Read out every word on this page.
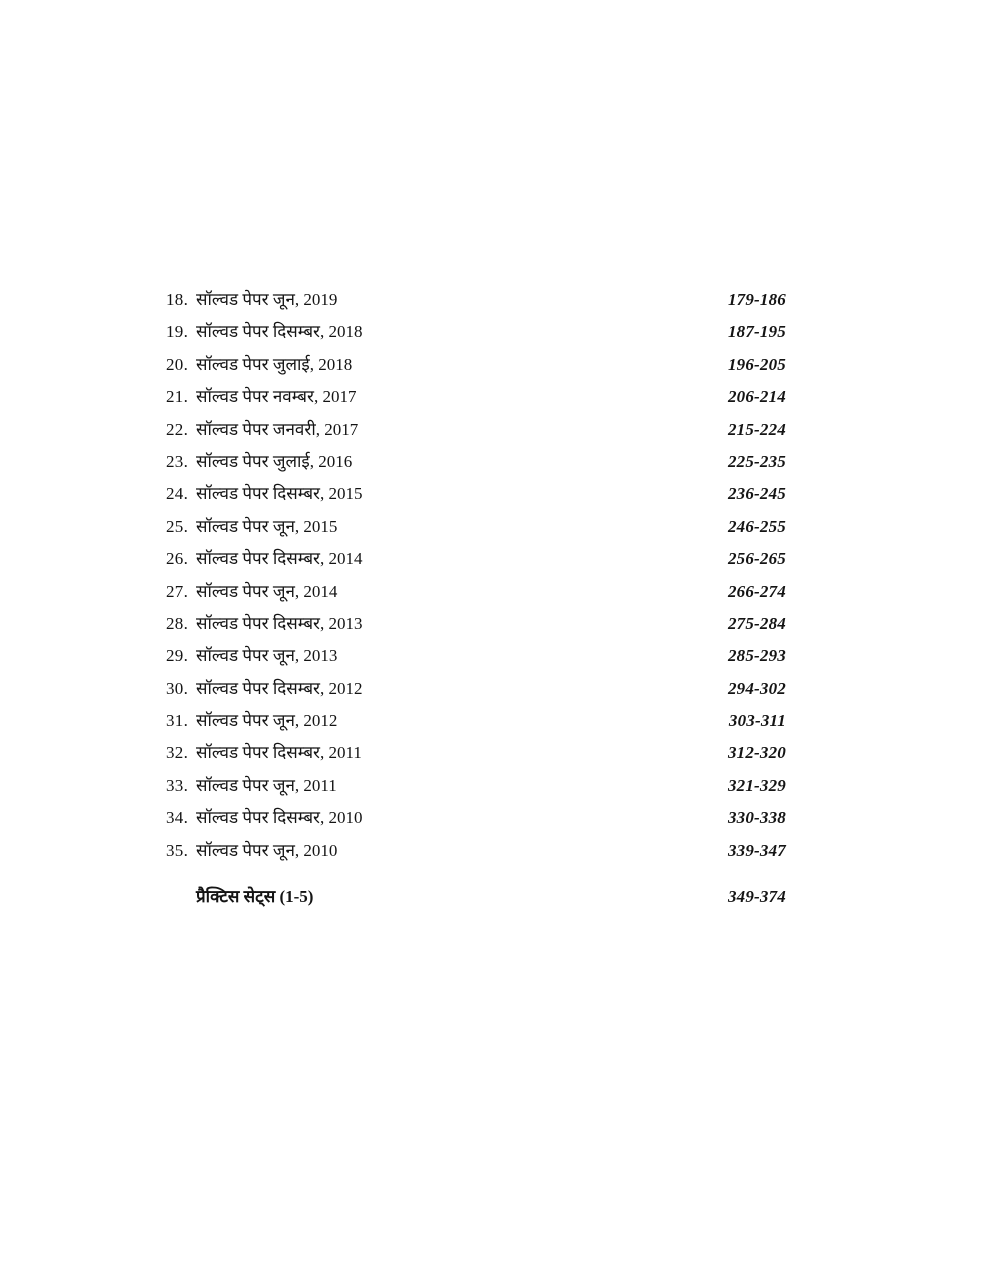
18. सॉल्वड पेपर जून, 2019	179-186
19. सॉल्वड पेपर दिसम्बर, 2018	187-195
20. सॉल्वड पेपर जुलाई, 2018	196-205
21. सॉल्वड पेपर नवम्बर, 2017	206-214
22. सॉल्वड पेपर जनवरी, 2017	215-224
23. सॉल्वड पेपर जुलाई, 2016	225-235
24. सॉल्वड पेपर दिसम्बर, 2015	236-245
25. सॉल्वड पेपर जून, 2015	246-255
26. सॉल्वड पेपर दिसम्बर, 2014	256-265
27. सॉल्वड पेपर जून, 2014	266-274
28. सॉल्वड पेपर दिसम्बर, 2013	275-284
29. सॉल्वड पेपर जून, 2013	285-293
30. सॉल्वड पेपर दिसम्बर, 2012	294-302
31. सॉल्वड पेपर जून, 2012	303-311
32. सॉल्वड पेपर दिसम्बर, 2011	312-320
33. सॉल्वड पेपर जून, 2011	321-329
34. सॉल्वड पेपर दिसम्बर, 2010	330-338
35. सॉल्वड पेपर जून, 2010	339-347
प्रैक्टिस सेट्स (1-5)	349-374
